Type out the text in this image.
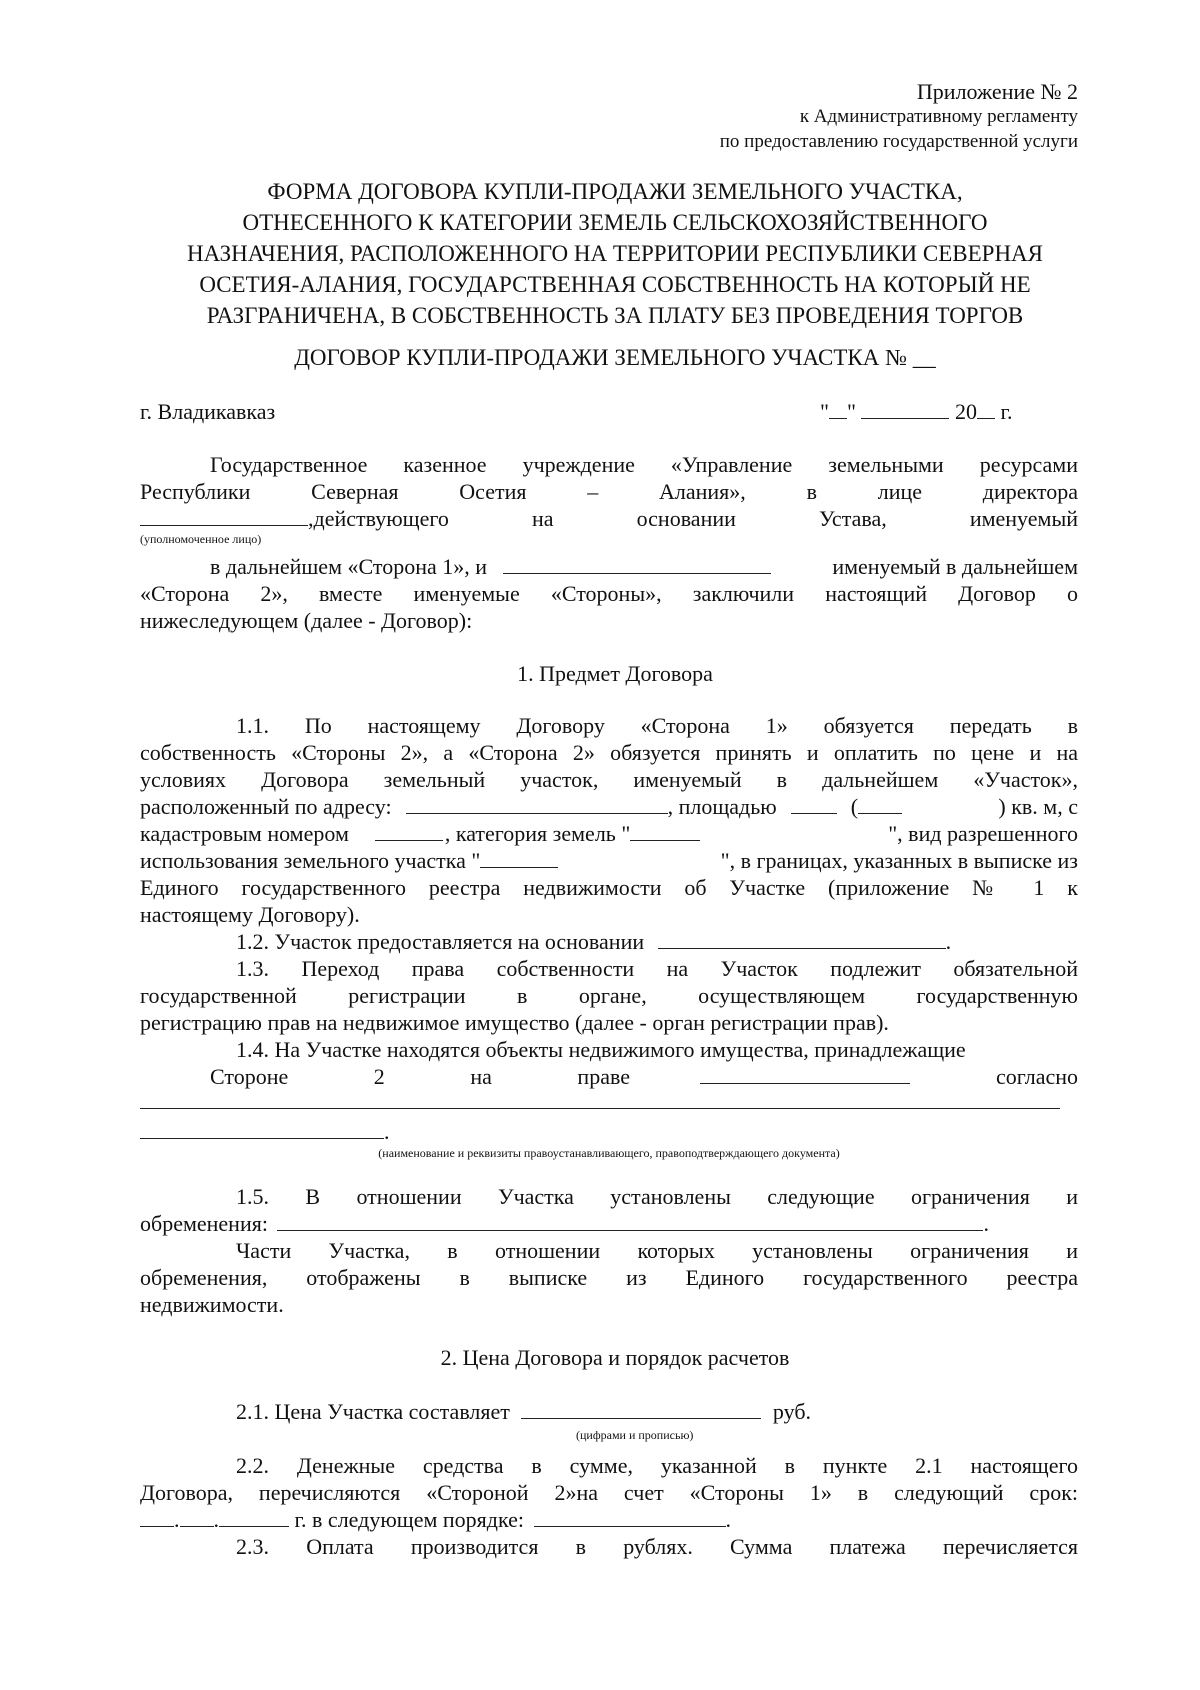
Приложение № 2
к Административному регламенту
по предоставлению государственной услуги
ФОРМА ДОГОВОРА КУПЛИ-ПРОДАЖИ ЗЕМЕЛЬНОГО УЧАСТКА,
ОТНЕСЕННОГО К КАТЕГОРИИ ЗЕМЕЛЬ СЕЛЬСКОХОЗЯЙСТВЕННОГО
НАЗНАЧЕНИЯ, РАСПОЛОЖЕННОГО НА ТЕРРИТОРИИ РЕСПУБЛИКИ СЕВЕРНАЯ
ОСЕТИЯ-АЛАНИЯ, ГОСУДАРСТВЕННАЯ СОБСТВЕННОСТЬ НА КОТОРЫЙ НЕ
РАЗГРАНИЧЕНА, В СОБСТВЕННОСТЬ ЗА ПЛАТУ БЕЗ ПРОВЕДЕНИЯ ТОРГОВ
ДОГОВОР КУПЛИ-ПРОДАЖИ ЗЕМЕЛЬНОГО УЧАСТКА № __
г. Владикавказ	" "	20 г.
Государственное казенное учреждение «Управление земельными ресурсами
Республики Северная Осетия – Алания», в лице директора
,действующего на основании Устава, именуемый
(уполномоченное лицо)
в дальнейшем «Сторона 1», и	именуемый в дальнейшем
«Сторона 2», вместе именуемые «Стороны», заключили настоящий Договор о
нижеследующем (далее - Договор):
1. Предмет Договора
1.1. По настоящему Договору «Сторона 1» обязуется передать в
собственность «Стороны 2», а «Сторона 2» обязуется принять и оплатить по цене и на
условиях Договора земельный участок, именуемый в дальнейшем «Участок»,
расположенный по адресу:	, площадью	(	) кв. м, с
кадастровым номером	, категория земель "	", вид разрешенного
использования земельного участка "	", в границах, указанных в выписке из
Единого государственного реестра недвижимости об Участке (приложение № 1 к
настоящему Договору).
1.2. Участок предоставляется на основании	.
1.3. Переход права собственности на Участок подлежит обязательной
государственной регистрации в органе, осуществляющем государственную
регистрацию прав на недвижимое имущество (далее - орган регистрации прав).
1.4. На Участке находятся объекты недвижимого имущества, принадлежащие
Стороне 2 на праве	согласно
.
(наименование и реквизиты правоустанавливающего, правоподтверждающего документа)
1.5. В отношении Участка установлены следующие ограничения и
обременения:	.
Части Участка, в отношении которых установлены ограничения и
обременения, отображены в выписке из Единого государственного реестра
недвижимости.
2. Цена Договора и порядок расчетов
2.1. Цена Участка составляет	руб.
(цифрами и прописью)
2.2. Денежные средства в сумме, указанной в пункте 2.1 настоящего
Договора, перечисляются «Стороной 2»на счет «Стороны 1» в следующий срок:
. .	г. в следующем порядке:	.
2.3. Оплата производится в рублях. Сумма платежа перечисляется
